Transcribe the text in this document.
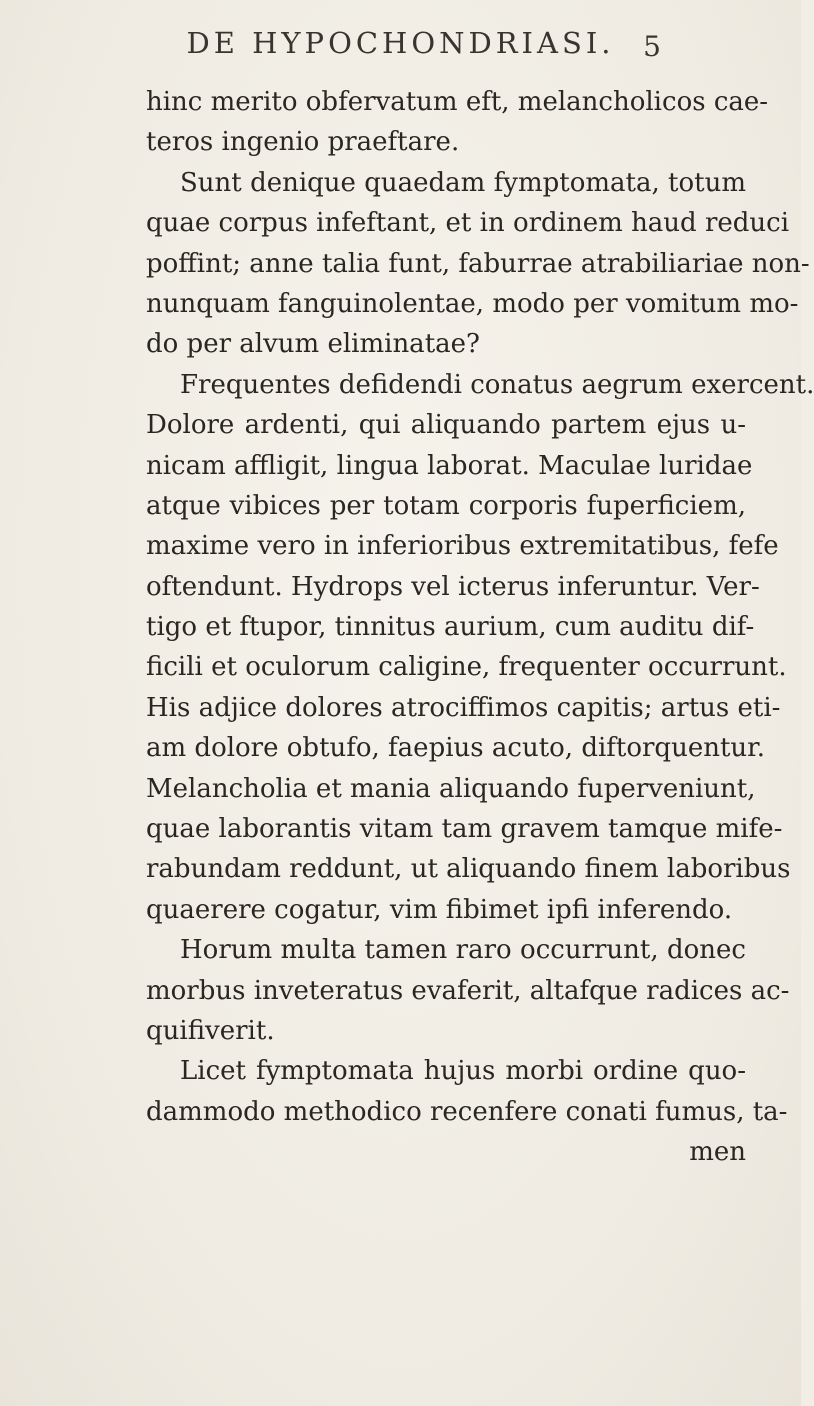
DE HYPOCHONDRIASI.	5
hinc merito obfervatum eft, melancholicos cae-
teros ingenio praeftare.
Sunt denique quaedam fymptomata, totum
quae corpus infeftant, et in ordinem haud reduci
poffint; anne talia funt, faburrae atrabiliariae non-
nunquam fanguinolentae, modo per vomitum mo-
do per alvum eliminatae?
Frequentes defidendi conatus aegrum exercent.
Dolore ardenti, qui aliquando partem ejus u-
nicam affligit, lingua laborat. Maculae luridae
atque vibices per totam corporis fuperficiem,
maxime vero in inferioribus extremitatibus, fefe
oftendunt. Hydrops vel icterus inferuntur. Ver-
tigo et ftupor, tinnitus aurium, cum auditu dif-
ficili et oculorum caligine, frequenter occurrunt.
His adjice dolores atrociffimos capitis; artus eti-
am dolore obtufo, faepius acuto, diftorquentur.
Melancholia et mania aliquando fuperveniunt,
quae laborantis vitam tam gravem tamque mife-
rabundam reddunt, ut aliquando finem laboribus
quaerere cogatur, vim fibimet ipfi inferendo.
Horum multa tamen raro occurrunt, donec
morbus inveteratus evaferit, altafque radices ac-
quifiverit.
Licet fymptomata hujus morbi ordine quo-
dammodo methodico recenfere conati fumus, ta-
men
